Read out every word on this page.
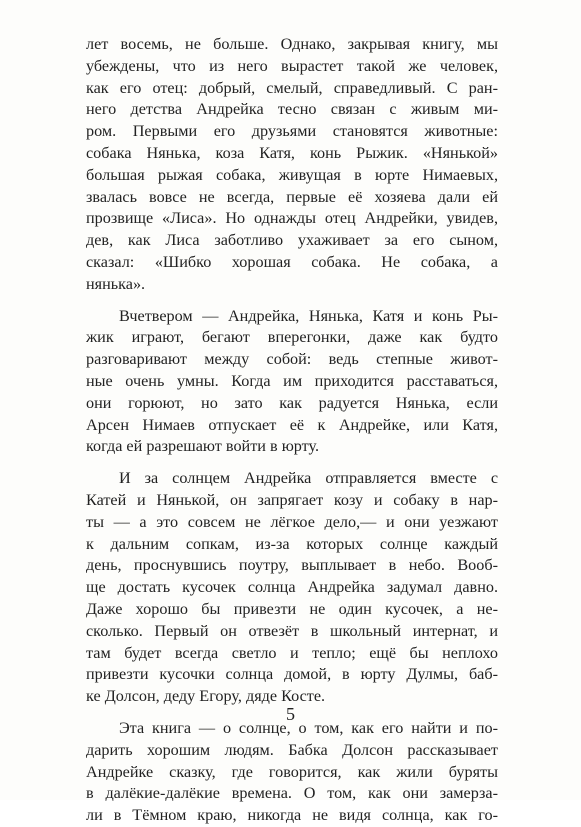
лет восемь, не больше. Однако, закрывая книгу, мы
убеждены, что из него вырастет такой же человек,
как его отец: добрый, смелый, справедливый. С ран-
него детства Андрейка тесно связан с живым ми-
ром. Первыми его друзьями становятся животные:
собака Нянька, коза Катя, конь Рыжик. «Нянькой»
большая рыжая собака, живущая в юрте Нимаевых,
звалась вовсе не всегда, первые её хозяева дали ей
прозвище «Лиса». Но однажды отец Андрейки, увидев,
дев, как Лиса заботливо ухаживает за его сыном,
сказал: «Шибко хорошая собака. Не собака, а
нянька».
Вчетвером — Андрейка, Нянька, Катя и конь Ры-
жик играют, бегают вперегонки, даже как будто
разговаривают между собой: ведь степные живот-
ные очень умны. Когда им приходится расставаться,
они горюют, но зато как радуется Нянька, если
Арсен Нимаев отпускает её к Андрейке, или Катя,
когда ей разрешают войти в юрту.
И за солнцем Андрейка отправляется вместе с
Катей и Нянькой, он запрягает козу и собаку в нар-
ты — а это совсем не лёгкое дело,— и они уезжают
к дальним сопкам, из-за которых солнце каждый
день, проснувшись поутру, выплывает в небо. Вооб-
ще достать кусочек солнца Андрейка задумал давно.
Даже хорошо бы привезти не один кусочек, а не-
сколько. Первый он отвезёт в школьный интернат, и
там будет всегда светло и тепло; ещё бы неплохо
привезти кусочки солнца домой, в юрту Дулмы, баб-
ке Долсон, деду Егору, дяде Косте.
Эта книга — о солнце, о том, как его найти и по-
дарить хорошим людям. Бабка Долсон рассказывает
Андрейке сказку, где говорится, как жили буряты
в далёкие-далёкие времена. О том, как они замерза-
ли в Тёмном краю, никогда не видя солнца, как го-
5
